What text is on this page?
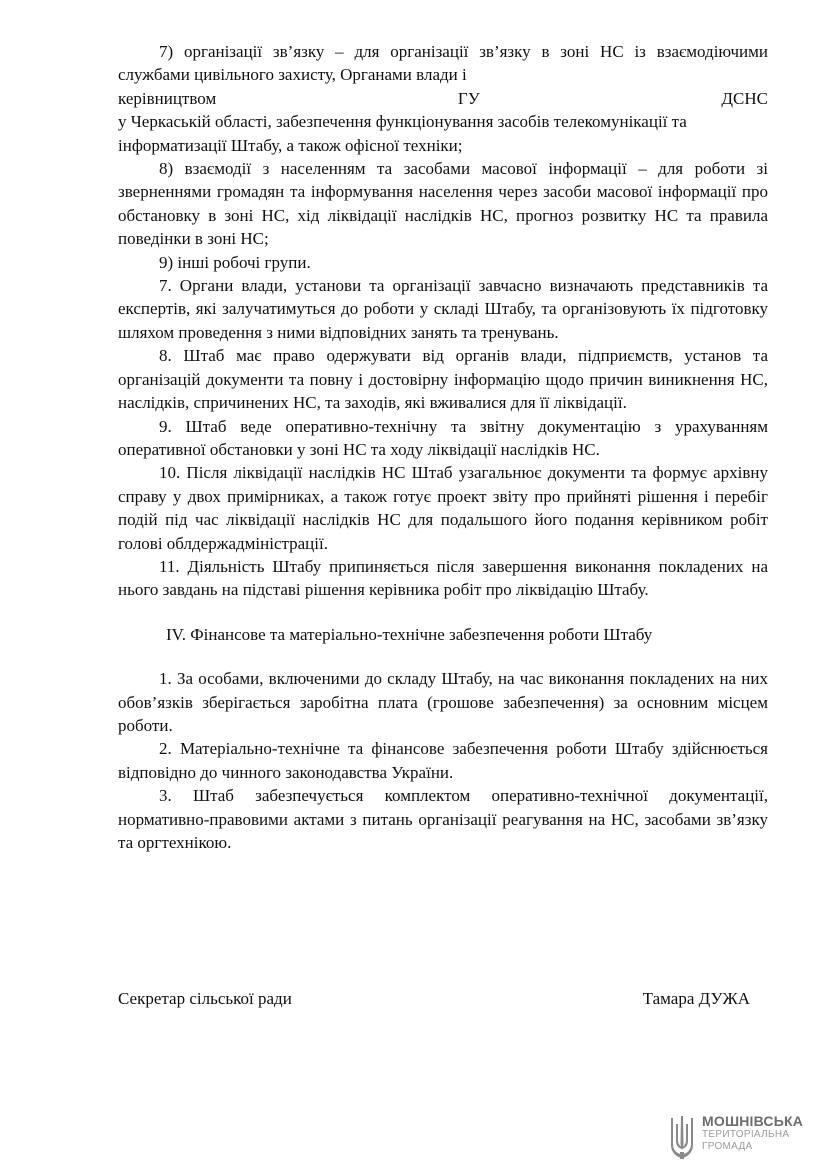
7) організації зв’язку – для організації зв’язку в зоні НС із взаємодіючими службами цивільного захисту, Органами влади і

керівництвом	ГУ	ДСНС

у Черкаській області, забезпечення функціонування засобів телекомунікації та інформатизації Штабу, а також офісної техніки;

8) взаємодії з населенням та засобами масової інформації – для роботи зі зверненнями громадян та інформування населення через засоби масової інформації про обстановку в зоні НС, хід ліквідації наслідків НС, прогноз розвитку НС та правила поведінки в зоні НС;

9) інші робочі групи.

7. Органи влади, установи та організації завчасно визначають представників та експертів, які залучатимуться до роботи у складі Штабу, та організовують їх підготовку шляхом проведення з ними відповідних занять та тренувань.

8. Штаб має право одержувати від органів влади, підприємств, установ та організацій документи та повну і достовірну інформацію щодо причин виникнення НС, наслідків, спричинених НС, та заходів, які вживалися для її ліквідації.

9. Штаб веде оперативно-технічну та звітну документацію з урахуванням оперативної обстановки у зоні НС та ходу ліквідації наслідків НС.

10. Після ліквідації наслідків НС Штаб узагальнює документи та формує архівну справу у двох примірниках, а також готує проект звіту про прийняті рішення і перебіг подій під час ліквідації наслідків НС для подальшого його подання керівником робіт голові облдержадміністрації.

11. Діяльність Штабу припиняється після завершення виконання покладених на нього завдань на підставі рішення керівника робіт про ліквідацію Штабу.

IV. Фінансове та матеріально-технічне забезпечення роботи Штабу

1. За особами, включеними до складу Штабу, на час виконання покладених на них обов’язків зберігається заробітна плата (грошове забезпечення) за основним місцем роботи.

2. Матеріально-технічне та фінансове забезпечення роботи Штабу здійснюється відповідно до чинного законодавства України.

3. Штаб забезпечується комплектом оперативно-технічної документації, нормативно-правовими актами з питань організації реагування на НС, засобами зв’язку та оргтехнікою.

Секретар сільської ради	Тамара ДУЖА
МОШНІВСЬКА
ТЕРИТОРІАЛЬНА
ГРОМАДА
